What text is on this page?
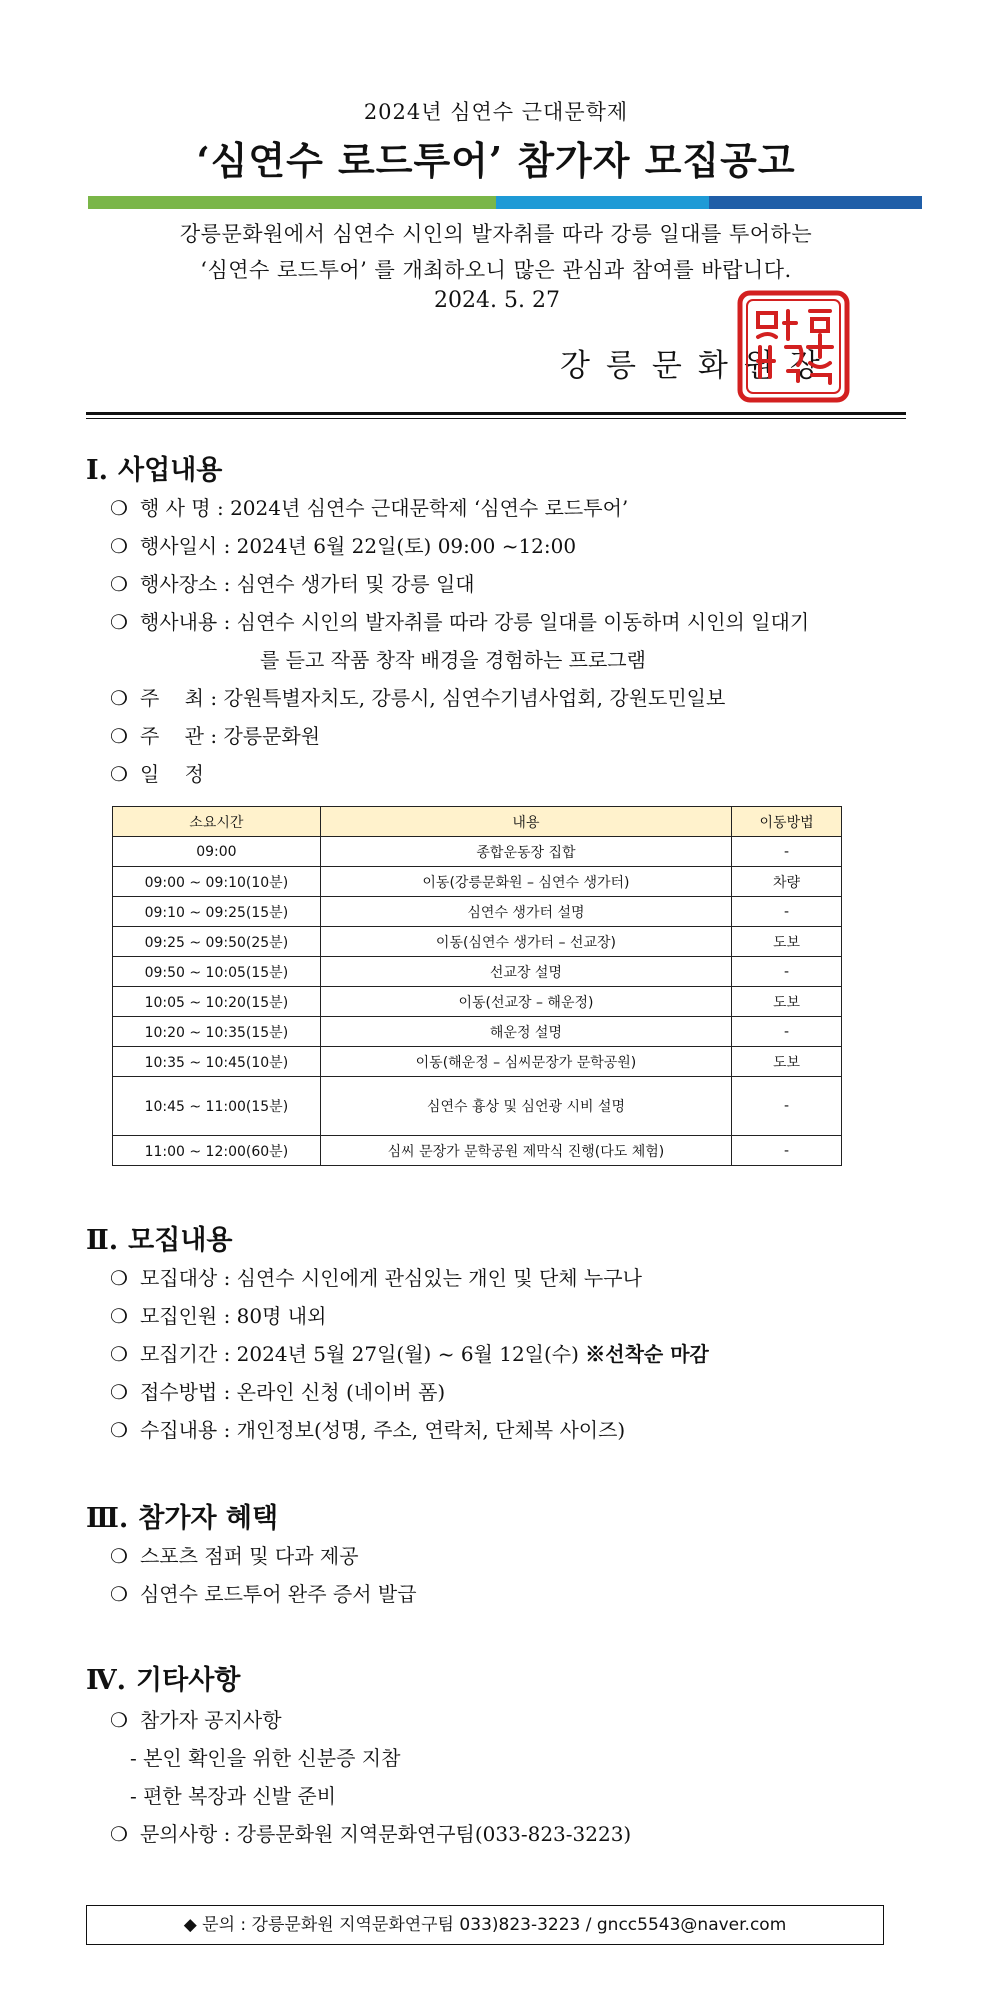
2024년 심연수 근대문학제
‘심연수 로드투어’ 참가자 모집공고
강릉문화원에서 심연수 시인의 발자취를 따라 강릉 일대를 투어하는
‘심연수 로드투어’ 를 개최하오니 많은 관심과 참여를 바랍니다.
2024. 5. 27
강릉문화원장
Ⅰ. 사업내용
❍ 행 사 명 : 2024년 심연수 근대문학제 ‘심연수 로드투어’
❍ 행사일시 : 2024년 6월 22일(토) 09:00 ~12:00
❍ 행사장소 : 심연수 생가터 및 강릉 일대
❍ 행사내용 : 심연수 시인의 발자취를 따라 강릉 일대를 이동하며 시인의 일대기
를 듣고 작품 창작 배경을 경험하는 프로그램
❍ 주    최 : 강원특별자치도, 강릉시, 심연수기념사업회, 강원도민일보
❍ 주    관 : 강릉문화원
❍ 일    정
소요시간	내용	이동방법
09:00	종합운동장 집합	-
09:00 ~ 09:10(10분)	이동(강릉문화원 – 심연수 생가터)	차량
09:10 ~ 09:25(15분)	심연수 생가터 설명	-
09:25 ~ 09:50(25분)	이동(심연수 생가터 – 선교장)	도보
09:50 ~ 10:05(15분)	선교장 설명	-
10:05 ~ 10:20(15분)	이동(선교장 – 해운정)	도보
10:20 ~ 10:35(15분)	해운정 설명	-
10:35 ~ 10:45(10분)	이동(해운정 – 심씨문장가 문학공원)	도보
10:45 ~ 11:00(15분)	심연수 흉상 및 심언광 시비 설명	-
11:00 ~ 12:00(60분)	심씨 문장가 문학공원 제막식 진행(다도 체험)	-
Ⅱ. 모집내용
❍ 모집대상 : 심연수 시인에게 관심있는 개인 및 단체 누구나
❍ 모집인원 : 80명 내외
❍ 모집기간 : 2024년 5월 27일(월) ~ 6월 12일(수) ※선착순 마감
❍ 접수방법 : 온라인 신청 (네이버 폼)
❍ 수집내용 : 개인정보(성명, 주소, 연락처, 단체복 사이즈)
Ⅲ. 참가자 혜택
❍ 스포츠 점퍼 및 다과 제공
❍ 심연수 로드투어 완주 증서 발급
Ⅳ. 기타사항
❍ 참가자 공지사항
- 본인 확인을 위한 신분증 지참
- 편한 복장과 신발 준비
❍ 문의사항 : 강릉문화원 지역문화연구팀(033-823-3223)
◆ 문의 : 강릉문화원 지역문화연구팀 033)823-3223 / gncc5543@naver.com
